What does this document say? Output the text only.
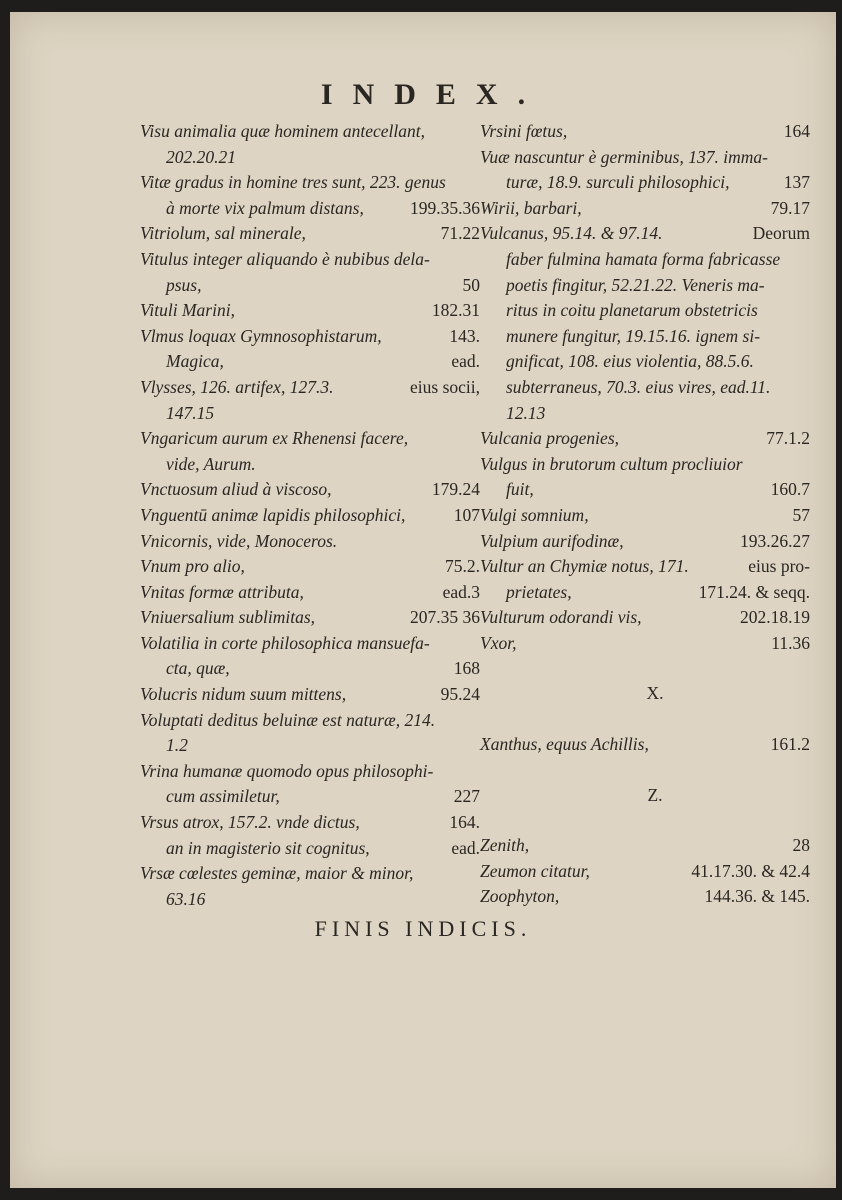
INDEX.
Visu animalia quæ hominem antecellant,
202.20.21
Vitæ gradus in homine tres sunt, 223. genus
à morte vix palmum distans,	199.35.36
Vitriolum, sal minerale,	71.22
Vitulus integer aliquando è nubibus dela-
psus,	50
Vituli Marini,	182.31
Vlmus loquax Gymnosophistarum,	143.
Magica,	ead.
Vlysses, 126. artifex, 127.3.	eius socii,
147.15
Vngaricum aurum ex Rhenensi facere,
vide, Aurum.
Vnctuosum aliud à viscoso,	179.24
Vnguentū animæ lapidis philosophici,	107
Vnicornis, vide, Monoceros.
Vnum pro alio,	75.2.
Vnitas formæ attributa,	ead.3
Vniuersalium sublimitas,	207.35 36
Volatilia in corte philosophica mansuefa-
cta, quæ,	168
Volucris nidum suum mittens,	95.24
Voluptati deditus beluinæ est naturæ, 214.
1.2
Vrina humanæ quomodo opus philosophi-
cum assimiletur,	227
Vrsus atrox, 157.2. vnde dictus,	164.
an in magisterio sit cognitus,	ead.
Vrsæ cœlestes geminæ, maior & minor,
63.16
Vrsini fœtus,	164
Vuæ nascuntur è germinibus, 137. imma-
turæ, 18.9. surculi philosophici,	137
Wirii, barbari,	79.17
Vulcanus, 95.14. & 97.14.	Deorum
faber fulmina hamata forma fabricasse
poetis fingitur, 52.21.22. Veneris ma-
ritus in coitu planetarum obstetricis
munere fungitur, 19.15.16. ignem si-
gnificat, 108. eius violentia, 88.5.6.
subterraneus, 70.3. eius vires, ead.11.
12.13
Vulcania progenies,	77.1.2
Vulgus in brutorum cultum procliuior
fuit,	160.7
Vulgi somnium,	57
Vulpium aurifodinæ,	193.26.27
Vultur an Chymiæ notus, 171.	eius pro-
prietates,	171.24. & seqq.
Vulturum odorandi vis,	202.18.19
Vxor,	11.36
X.
Xanthus, equus Achillis,	161.2
Z.
Zenith,	28
Zeumon citatur,	41.17.30. & 42.4
Zoophyton,	144.36. & 145.
FINIS INDICIS.
